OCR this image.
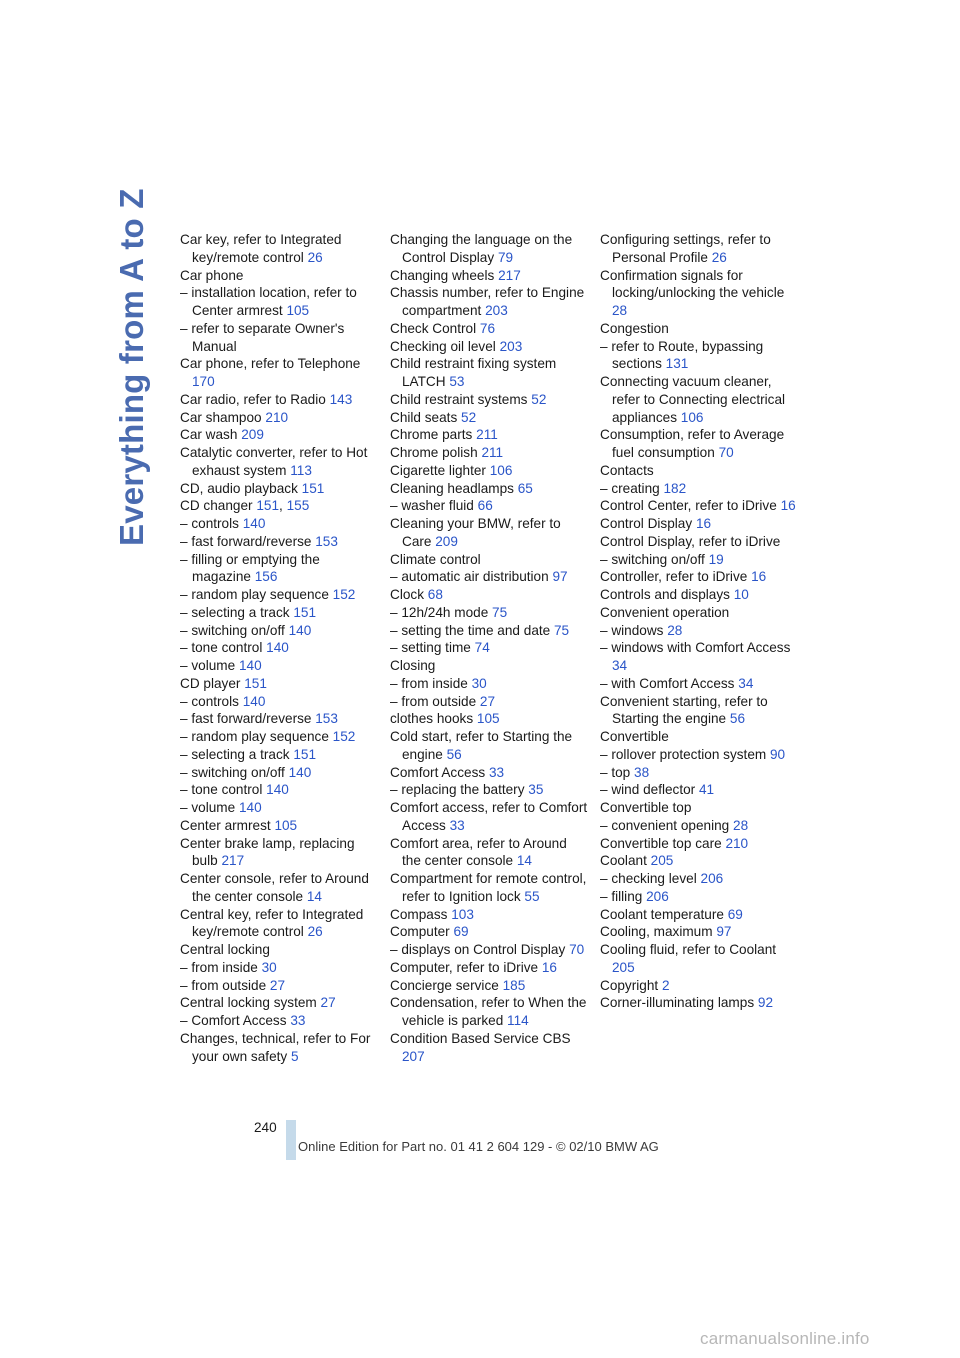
Everything from A to Z	Car key, refer to Integrated key/remote control 26

Car phone

– installation location, refer to Center armrest 105

– refer to separate Owner's Manual

Car phone, refer to Telephone 170

Car radio, refer to Radio 143

Car shampoo 210

Car wash 209

Catalytic converter, refer to Hot exhaust system 113

CD, audio playback 151

CD changer 151, 155

– controls 140

– fast forward/reverse 153

– filling or emptying the magazine 156

– random play sequence 152

– selecting a track 151

– switching on/off 140

– tone control 140

– volume 140

CD player 151

– controls 140

– fast forward/reverse 153

– random play sequence 152

– selecting a track 151

– switching on/off 140

– tone control 140

– volume 140

Center armrest 105

Center brake lamp, replacing bulb 217

Center console, refer to Around the center console 14

Central key, refer to Integrated key/remote control 26

Central locking

– from inside 30

– from outside 27

Central locking system 27

– Comfort Access 33

Changes, technical, refer to For your own safety 5

Changing the language on the Control Display 79

Changing wheels 217

Chassis number, refer to Engine compartment 203

Check Control 76

Checking oil level 203

Child restraint fixing system LATCH 53

Child restraint systems 52

Child seats 52

Chrome parts 211

Chrome polish 211

Cigarette lighter 106

Cleaning headlamps 65

– washer fluid 66

Cleaning your BMW, refer to Care 209

Climate control

– automatic air distribution 97

Clock 68

– 12h/24h mode 75

– setting the time and date 75

– setting time 74

Closing

– from inside 30

– from outside 27

clothes hooks 105

Cold start, refer to Starting the engine 56

Comfort Access 33

– replacing the battery 35

Comfort access, refer to Comfort Access 33

Comfort area, refer to Around the center console 14

Compartment for remote control, refer to Ignition lock 55

Compass 103

Computer 69

– displays on Control Display 70

Computer, refer to iDrive 16

Concierge service 185

Condensation, refer to When the vehicle is parked 114

Condition Based Service CBS 207

Configuring settings, refer to Personal Profile 26

Confirmation signals for locking/unlocking the vehicle 28

Congestion

– refer to Route, bypassing sections 131

Connecting vacuum cleaner, refer to Connecting electrical appliances 106

Consumption, refer to Average fuel consumption 70

Contacts

– creating 182

Control Center, refer to iDrive 16

Control Display 16

Control Display, refer to iDrive

– switching on/off 19

Controller, refer to iDrive 16

Controls and displays 10

Convenient operation

– windows 28

– windows with Comfort Access 34

– with Comfort Access 34

Convenient starting, refer to Starting the engine 56

Convertible

– rollover protection system 90

– top 38

– wind deflector 41

Convertible top

– convenient opening 28

Convertible top care 210

Coolant 205

– checking level 206

– filling 206

Coolant temperature 69

Cooling, maximum 97

Cooling fluid, refer to Coolant 205

Copyright 2

Corner-illuminating lamps 92

240
Online Edition for Part no. 01 41 2 604 129 - © 02/10 BMW AG
carmanualsonline.info
